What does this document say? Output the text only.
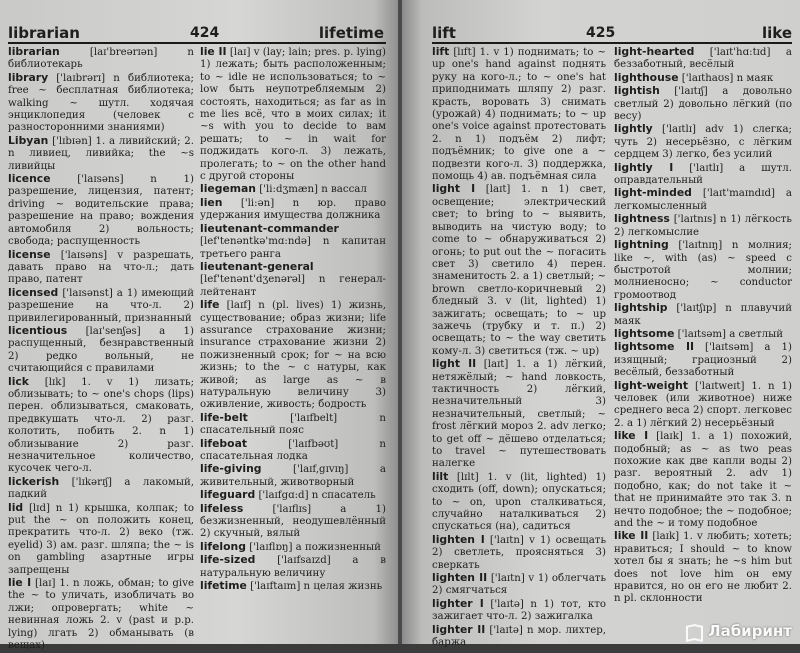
librarian	424	lifetime

librarian	[laɪ'breərɪən] n библиотекарь

library ['laɪbrərɪ] n библиотека; free ~ бесплатная библиотека; walking ~ шутл. ходячая энциклопедия (человек с разносторонними знаниями)

Libyan ['lɪbɪən] 1. a ливийский; 2. n ливиец, ливийка; the ~s ливийцы

licence	['laɪsəns] n 1) разрешение, лицензия, патент; driving ~ водительские права; разрешение на право; вождения автомобиля 2) вольность; свобода; распущенность

license ['laɪsəns] v разрешать, давать право на что-л.; дать право, патент

licensed ['laɪsənst] a 1) имеющий разрешение на что-л. 2) привилегированный, признанный

licentious [laɪ'senʃəs] a 1) распущенный, безнравственный 2) редко вольный, не считающийся с правилами

lick [lɪk] 1. v 1) лизать; облизывать; to ~ one's chops (lips) перен. облизываться, смаковать, предвкушать что-л. 2) разг. колотить, побить 2. n 1) облизывание 2) разг. незначительное количество, кусочек чего-л.

lickerish ['lɪkərɪʃ] a лакомый, падкий

lid [lɪd] n 1) крышка, колпак; to put the ~ on положить конец, прекратить что-л. 2) веко (тж. eyelid) 3) ам. разг. шляпа; the ~ is on gambling азартные игры запрещены

lie I [laɪ] 1. n ложь, обман; to give the ~ to уличать, изобличать во лжи; опровергать; white ~ невинная ложь 2. v (past и p.p. lying) лгать 2) обманывать (в вещах)

lie II [laɪ] v (lay; lain; pres. p. lying) 1) лежать; быть расположенным; to ~ idle не использоваться; to ~ low быть неупотребляемым 2) состоять, находиться; as far as in me lies всё, что в моих силах; it ~s with you to decide to вам решать; to ~ in wait for поджидать кого-л. 3) лежать, пролегать; to ~ on the other hand с другой стороны

liegeman ['li:dʒmæn] n вассал

lien ['li:ən] n юр. право удержания имущества должника

lieutenant-commander [lef'tenəntkə'mɑ:ndə] n капитан третьего ранга

lieutenant-general [lef'tenənt'dʒenərəl] n генерал-лейтенант

life [laɪf] n (pl. lives) 1) жизнь, существование; образ жизни; life assurance страхование жизни; insurance страхование жизни 2) пожизненный срок; for ~ на всю жизнь; to the ~ с натуры, как живой; as large as ~ в натуральную величину 3) оживление, живость; бодрость

life-belt	['laɪfbelt] n спасательный пояс

lifeboat	['laɪfbəʊt] n спасательная лодка

life-giving	['laɪf,gɪvɪŋ] a живительный, животворный

lifeguard ['laɪfgɑ:d] n спасатель

lifeless	['laɪflɪs] a 1) безжизненный, неодушевлённый 2) скучный, вялый

lifelong ['laɪflɒŋ] a пожизненный

life-sized ['laɪfsaɪzd] a в натуральную величину

lifetime ['laɪftaɪm] n целая жизнь

lift	425	like

lift [lɪft] 1. v 1) поднимать; to ~ up one's hand against поднять руку на кого-л.; to ~ one's hat приподнимать шляпу 2) разг. красть, воровать 3) снимать (урожай) 4) поднимать; to ~ up one's voice against протестовать 2. n 1) подъём 2) лифт; подъёмник; to give one a ~ подвезти кого-л. 3) поддержка, помощь 4) ав. подъёмная сила

light I [laɪt] 1. n 1) свет, освещение; электрический свет; to bring to ~ выявить, выводить на чистую воду; to come to ~ обнаруживаться 2) огонь; to put out the ~ погасить свет 3) светило 4) перен. знаменитость 2. a 1) светлый; ~ brown светло-коричневый 2) бледный 3. v (lit, lighted) 1) зажигать; освещать; to ~ up зажечь (трубку и т. п.) 2) освещать; to ~ the way светить кому-л. 3) светиться (тж. ~ up)

light II [laɪt] 1. a 1) лёгкий, нетяжёлый; ~ hand ловкость, тактичность 2) лёгкий, незначительный 3) незначительный, светлый; ~ frost лёгкий мороз 2. adv легко; to get off ~ дёшево отделаться; to travel ~ путешествовать налегке

lilt [lɪlt] 1. v (lit, lighted) 1) сходить (off, down); опускаться; to ~ on, upon сталкиваться, случайно наталкиваться 2) спускаться (на), садиться

lighten I ['laɪtn] v 1) освещать 2) светлеть, проясняться 3) сверкать

lighten II ['laɪtn] v 1) облегчать 2) смягчаться

lighter I ['laɪtə] n 1) тот, кто зажигает что-л. 2) зажигалка

lighter II ['laɪtə] n мор. лихтер, баржа

light-hearted ['laɪt'hɑ:tɪd] a беззаботный, весёлый

lighthouse ['laɪthaʊs] n маяк

lightish ['laɪtɪʃ] a довольно светлый 2) довольно лёгкий (по весу)

lightly ['laɪtlɪ] adv 1) слегка; чуть 2) несерьёзно, с лёгким сердцем 3) легко, без усилий

lightly I ['laɪtlɪ] a шутл. оправдательный

light-minded ['laɪt'maɪndɪd] a легкомысленный

lightness ['laɪtnɪs] n 1) лёгкость 2) легкомыслие

lightning ['laɪtnɪŋ] n молния; like ~, with (as) ~ speed с быстротой молнии; молниеносно; ~ conductor громоотвод

lightship ['laɪtʃɪp] n плавучий маяк

lightsome ['laɪtsəm] a светлый

lightsome II ['laɪtsəm] a 1) изящный; грациозный 2) весёлый, беззаботный

light-weight ['laɪtweɪt] 1. n 1) человек (или животное) ниже среднего веса 2) спорт. легковес 2. a 1) лёгкий 2) несерьёзный

like I [laɪk] 1. a 1) похожий, подобный; as ~ as two peas похожие как две капли воды 2) разг. вероятный 2. adv 1) подобно, как; do not take it ~ that не принимайте это так 3. n нечто подобное; the ~ подобное; and the ~ и тому подобное

like II [laɪk] 1. v любить; хотеть; нравиться; I should ~ to know хотел бы я знать; he ~s him but does not love him он ему нравится, но он его не любит 2. n pl. склонности

Лабиринт
